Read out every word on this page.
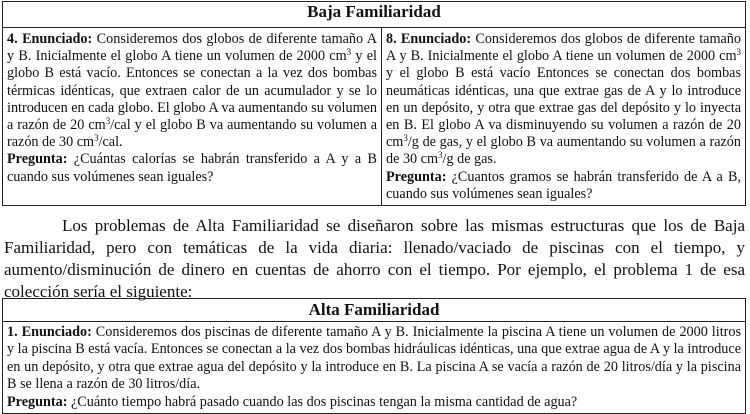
Baja Familiaridad
4. Enunciado: Consideremos dos globos de diferente tamaño A y B. Inicialmente el globo A tiene un volumen de 2000 $cm^3$ y el globo B está vacío. Entonces se conectan a la vez dos bombas térmicas idénticas, que extraen calor de un acumulador y se lo introducen en cada globo. El globo A va aumentando su volumen a razón de 20 $cm^3$/cal y el globo B va aumentando su volumen a razón de 30 $cm^3$/cal.
Pregunta: ¿Cuántas calorías se habrán transferido a A y a B cuando sus volúmenes sean iguales?	8. Enunciado: Consideremos dos globos de diferente tamaño A y B. Inicialmente el globo A tiene un volumen de 2000 $cm^3$ y el globo B está vacío Entonces se conectan dos bombas neumáticas idénticas, una que extrae gas de A y lo introduce en un depósito, y otra que extrae gas del depósito y lo inyecta en B. El globo A va disminuyendo su volumen a razón de 20 $cm^3/g$ de gas, y el globo B va aumentando su volumen a razón de 30 $cm^3/g$ de gas.
Pregunta: ¿Cuantos gramos se habrán transferido de A a B, cuando sus volúmenes sean iguales?

Los problemas de Alta Familiaridad se diseñaron sobre las mismas estructuras que los de Baja Familiaridad, pero con temáticas de la vida diaria: llenado/vaciado de piscinas con el tiempo, y aumento/disminución de dinero en cuentas de ahorro con el tiempo. Por ejemplo, el problema 1 de esa colección sería el siguiente:

Alta Familiaridad
1. Enunciado: Consideremos dos piscinas de diferente tamaño A y B. Inicialmente la piscina A tiene un volumen de 2000 litros y la piscina B está vacía. Entonces se conectan a la vez dos bombas hidráulicas idénticas, una que extrae agua de A y la introduce en un depósito, y otra que extrae agua del depósito y la introduce en B. La piscina A se vacía a razón de 20 litros/día y la piscina B se llena a razón de 30 litros/día.
Pregunta: ¿Cuánto tiempo habrá pasado cuando las dos piscinas tengan la misma cantidad de agua?
